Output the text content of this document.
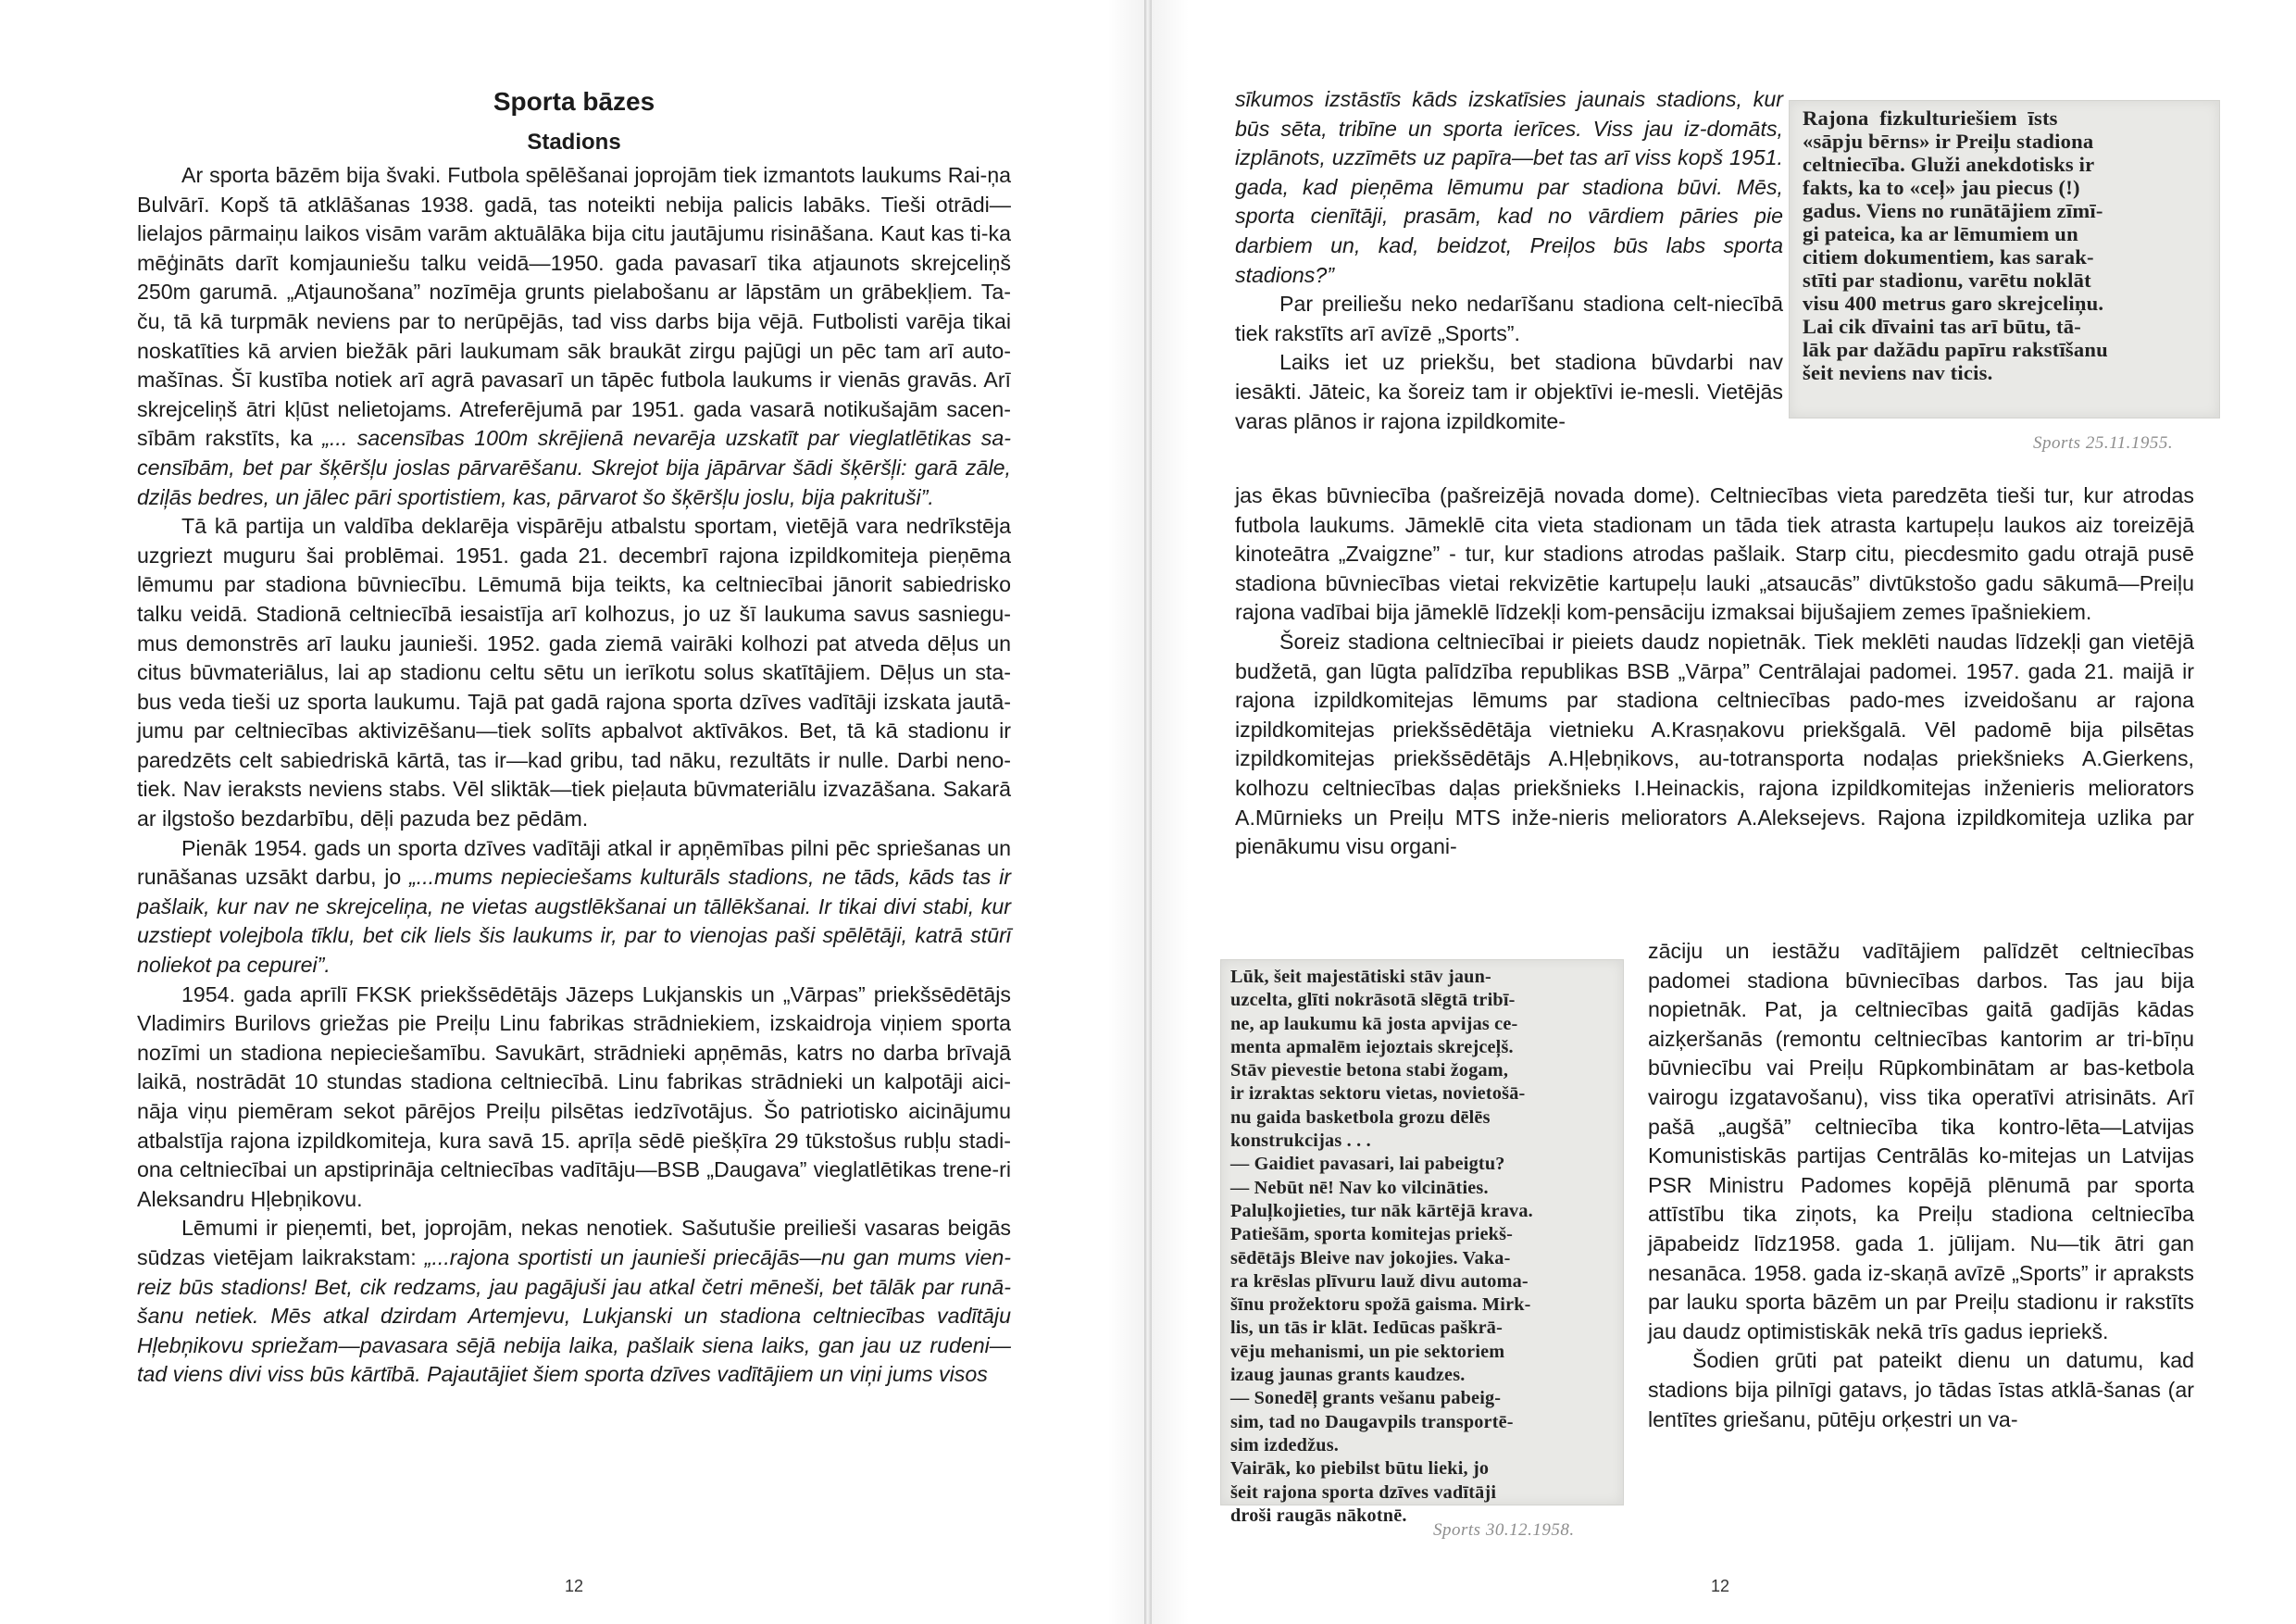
Sporta bāzes
Stadions

Ar sporta bāzēm bija švaki. Futbola spēlēšanai joprojām tiek izmantots laukums Rai-ņa Bulvārī. Kopš tā atklāšanas 1938. gadā, tas noteikti nebija palicis labāks. Tieši otrādi—lielajos pārmaiņu laikos visām varām aktuālāka bija citu jautājumu risināšana. Kaut kas ti-ka mēģināts darīt komjauniešu talku veidā—1950. gada pavasarī tika atjaunots skrejceliņš 250m garumā. „Atjaunošana” nozīmēja grunts pielabošanu ar lāpstām un grābekļiem. Ta-ču, tā kā turpmāk neviens par to nerūpējās, tad viss darbs bija vējā. Futbolisti varēja tikai noskatīties kā arvien biežāk pāri laukumam sāk braukāt zirgu pajūgi un pēc tam arī auto-mašīnas. Šī kustība notiek arī agrā pavasarī un tāpēc futbola laukums ir vienās gravās. Arī skrejceliņš ātri kļūst nelietojams. Atreferējumā par 1951. gada vasarā notikušajām sacen-sībām rakstīts, ka „... sacensības 100m skrējienā nevarēja uzskatīt par vieglatlētikas sa-censībām, bet par šķēršļu joslas pārvarēšanu. Skrejot bija jāpārvar šādi šķēršļi: garā zāle, dziļās bedres, un jālec pāri sportistiem, kas, pārvarot šo šķēršļu joslu, bija pakrituši”.

Tā kā partija un valdība deklarēja vispārēju atbalstu sportam, vietējā vara nedrīkstēja uzgriezt muguru šai problēmai. 1951. gada 21. decembrī rajona izpildkomiteja pieņēma lēmumu par stadiona būvniecību. Lēmumā bija teikts, ka celtniecībai jānorit sabiedrisko talku veidā. Stadionā celtniecībā iesaistīja arī kolhozus, jo uz šī laukuma savus sasniegu-mus demonstrēs arī lauku jaunieši. 1952. gada ziemā vairāki kolhozi pat atveda dēļus un citus būvmateriālus, lai ap stadionu celtu sētu un ierīkotu solus skatītājiem. Dēļus un sta-bus veda tieši uz sporta laukumu. Tajā pat gadā rajona sporta dzīves vadītāji izskata jautā-jumu par celtniecības aktivizēšanu—tiek solīts apbalvot aktīvākos. Bet, tā kā stadionu ir paredzēts celt sabiedriskā kārtā, tas ir—kad gribu, tad nāku, rezultāts ir nulle. Darbi neno-tiek. Nav ieraksts neviens stabs. Vēl sliktāk—tiek pieļauta būvmateriālu izvazāšana. Sakarā ar ilgstošo bezdarbību, dēļi pazuda bez pēdām.

Pienāk 1954. gads un sporta dzīves vadītāji atkal ir apņēmības pilni pēc spriešanas un runāšanas uzsākt darbu, jo „...mums nepieciešams kulturāls stadions, ne tāds, kāds tas ir pašlaik, kur nav ne skrejceliņa, ne vietas augstlēkšanai un tāllēkšanai. Ir tikai divi stabi, kur uzstiept volejbola tīklu, bet cik liels šis laukums ir, par to vienojas paši spēlētāji, katrā stūrī noliekot pa cepurei”.

1954. gada aprīlī FKSK priekšsēdētājs Jāzeps Lukjanskis un „Vārpas” priekšsēdētājs Vladimirs Burilovs griežas pie Preiļu Linu fabrikas strādniekiem, izskaidroja viņiem sporta nozīmi un stadiona nepieciešamību. Savukārt, strādnieki apņēmās, katrs no darba brīvajā laikā, nostrādāt 10 stundas stadiona celtniecībā. Linu fabrikas strādnieki un kalpotāji aici-nāja viņu piemēram sekot pārējos Preiļu pilsētas iedzīvotājus. Šo patriotisko aicinājumu atbalstīja rajona izpildkomiteja, kura savā 15. aprīļa sēdē piešķīra 29 tūkstošus rubļu stadi-ona celtniecībai un apstiprināja celtniecības vadītāju—BSB „Daugava” vieglatlētikas trene-ri Aleksandru Hļebņikovu.

Lēmumi ir pieņemti, bet, joprojām, nekas nenotiek. Sašutušie preilieši vasaras beigās sūdzas vietējam laikrakstam: „...rajona sportisti un jaunieši priecājās—nu gan mums vien-reiz būs stadions! Bet, cik redzams, jau pagājuši jau atkal četri mēneši, bet tālāk par runā-šanu netiek. Mēs atkal dzirdam Artemjevu, Lukjanski un stadiona celtniecības vadītāju Hļebņikovu spriežam—pavasara sējā nebija laika, pašlaik siena laiks, gan jau uz rudeni—tad viens divi viss būs kārtībā. Pajautājiet šiem sporta dzīves vadītājiem un viņi jums visos

12

sīkumos izstāstīs kāds izskatīsies jaunais stadions, kur būs sēta, tribīne un sporta ierīces. Viss jau iz-domāts, izplānots, uzzīmēts uz papīra—bet tas arī viss kopš 1951. gada, kad pieņēma lēmumu par stadiona būvi. Mēs, sporta cienītāji, prasām, kad no vārdiem pāries pie darbiem un, kad, beidzot, Preiļos būs labs sporta stadions?”

Par preiliešu neko nedarīšanu stadiona celt-niecībā tiek rakstīts arī avīzē „Sports”.

Laiks iet uz priekšu, bet stadiona būvdarbi nav iesākti. Jāteic, ka šoreiz tam ir objektīvi ie-mesli. Vietējās varas plānos ir rajona izpildkomite-

jas ēkas būvniecība (pašreizējā novada dome). Celtniecības vieta paredzēta tieši tur, kur atrodas futbola laukums. Jāmeklē cita vieta stadionam un tāda tiek atrasta kartupeļu laukos aiz toreizējā kinoteātra „Zvaigzne” - tur, kur stadions atrodas pašlaik. Starp citu, piecdesmito gadu otrajā pusē stadiona būvniecības vietai rekvizētie kartupeļu lauki „atsaucās” divtūkstošo gadu sākumā—Preiļu rajona vadībai bija jāmeklē līdzekļi kom-pensāciju izmaksai bijušajiem zemes īpašniekiem.

Šoreiz stadiona celtniecībai ir pieiets daudz nopietnāk. Tiek meklēti naudas līdzekļi gan vietējā budžetā, gan lūgta palīdzība republikas BSB „Vārpa” Centrālajai padomei. 1957. gada 21. maijā ir rajona izpildkomitejas lēmums par stadiona celtniecības pado-mes izveidošanu ar rajona izpildkomitejas priekšsēdētāja vietnieku A.Krasņakovu priekšgalā. Vēl padomē bija pilsētas izpildkomitejas priekšsēdētājs A.Hļebņikovs, au-totransporta nodaļas priekšnieks A.Gierkens, kolhozu celtniecības daļas priekšnieks I.Heinackis, rajona izpildkomitejas inženieris meliorators A.Mūrnieks un Preiļu MTS inže-nieris meliorators A.Aleksejevs. Rajona izpildkomiteja uzlika par pienākumu visu organi-

zāciju un iestāžu vadītājiem palīdzēt celtniecības padomei stadiona būvniecības darbos. Tas jau bija nopietnāk. Pat, ja celtniecības gaitā gadījās kādas aizķeršanās (remontu celtniecības kantorim ar tri-bīņu būvniecību vai Preiļu Rūpkombinātam ar bas-ketbola vairogu izgatavošanu), viss tika operatīvi atrisināts. Arī pašā „augšā” celtniecība tika kontro-lēta—Latvijas Komunistiskās partijas Centrālās ko-mitejas un Latvijas PSR Ministru Padomes kopējā plēnumā par sporta attīstību tika ziņots, ka Preiļu stadiona celtniecība jāpabeidz līdz1958. gada 1. jūlijam. Nu—tik ātri gan nesanāca. 1958. gada iz-skaņā avīzē „Sports” ir apraksts par lauku sporta bāzēm un par Preiļu stadionu ir rakstīts jau daudz optimistiskāk nekā trīs gadus iepriekš.

Šodien grūti pat pateikt dienu un datumu, kad stadions bija pilnīgi gatavs, jo tādas īstas atklā-šanas (ar lentītes griešanu, pūtēju orķestri un va-

Rajona  fizkulturiešiem  īsts
«sāpju bērns» ir Preiļu stadiona
celtniecība. Gluži anekdotisks ir
fakts, ka to «ceļ» jau piecus (!)
gadus. Viens no runātājiem zīmī-
gi pateica, ka ar lēmumiem un
citiem dokumentiem, kas sarak-
stīti par stadionu, varētu noklāt
visu 400 metrus garo skrejceliņu.
Lai cik dīvaini tas arī būtu, tā-
lāk par dažādu papīru rakstīšanu
šeit neviens nav ticis.
Sports 25.11.1955.
Lūk, šeit majestātiski stāv jaun-
uzcelta, glīti nokrāsotā slēgtā tribī-
ne, ap laukumu kā josta apvijas ce-
menta apmalēm iejoztais skrejceļš.
Stāv pievestie betona stabi žogam,
ir izraktas sektoru vietas, novietošā-
nu gaida basketbola grozu dēlēs
konstrukcijas . . .
— Gaidiet pavasari, lai pabeigtu?
— Nebūt nē! Nav ko vilcināties.
Paluļkojieties, tur nāk kārtējā krava.
Patiešām, sporta komitejas priekš-
sēdētājs Bleive nav jokojies. Vaka-
ra krēslas plīvuru lauž divu automa-
šīnu prožektoru spožā gaisma. Mirk-
lis, un tās ir klāt. Iedūcas paškrā-
vēju mehanismi, un pie sektoriem
izaug jaunas grants kaudzes.
— Sonedēļ grants vešanu pabeig-
sim, tad no Daugavpils transportē-
sim izdedžus.
Vairāk, ko piebilst būtu lieki, jo
šeit rajona sporta dzīves vadītāji
droši raugās nākotnē.
Sports 30.12.1958.
12
